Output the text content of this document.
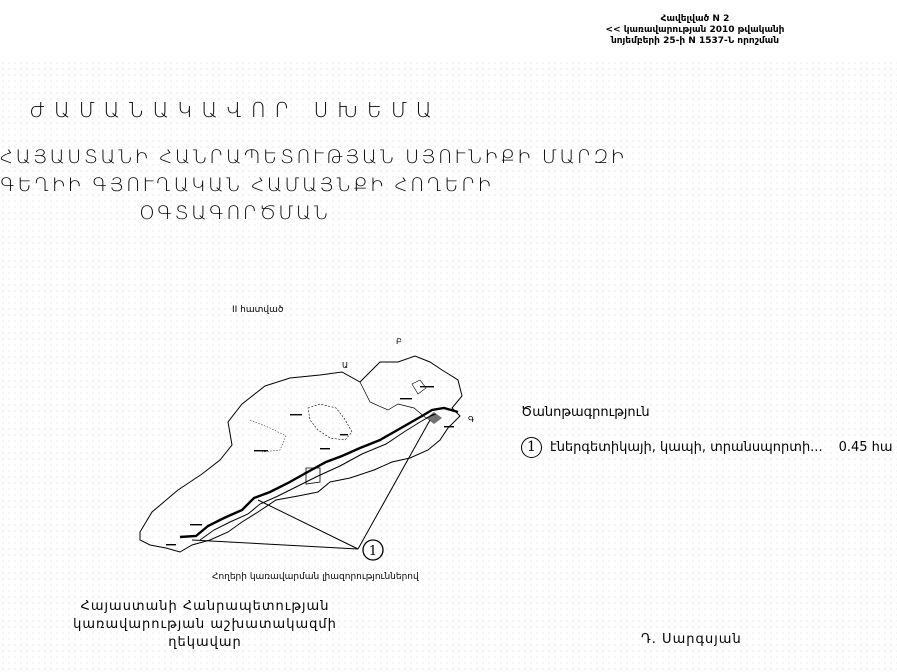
Հավելված N 2
<< կառավարության 2010 թվականի
նոյեմբերի 25-ի N 1537-Ն որոշման
ԺԱՄԱՆԱԿԱՎՈՐ ՍԽԵՄԱ
ՀԱՅԱՍՏԱՆԻ ՀԱՆՐԱՊԵՏՈՒԹՅԱՆ ՍՅՈՒՆԻՔԻ ՄԱՐԶԻ
ԳԵՂԻԻ ԳՅՈՒՂԱԿԱՆ ՀԱՄԱՅՆՔԻ ՀՈՂԵՐԻ
ՕԳՏԱԳՈՐԾՄԱՆ
II հատված
1
Ա
Բ
Գ
Հողերի կառավարման լիազորություններով
Ծանոթագրություն
1	էներգետիկայի, կապի, տրանսպորտի... 0.45 հա
Հայաստանի Հանրապետության
կառավարության աշխատակազմի
ղեկավար	Դ. Սարգսյան
